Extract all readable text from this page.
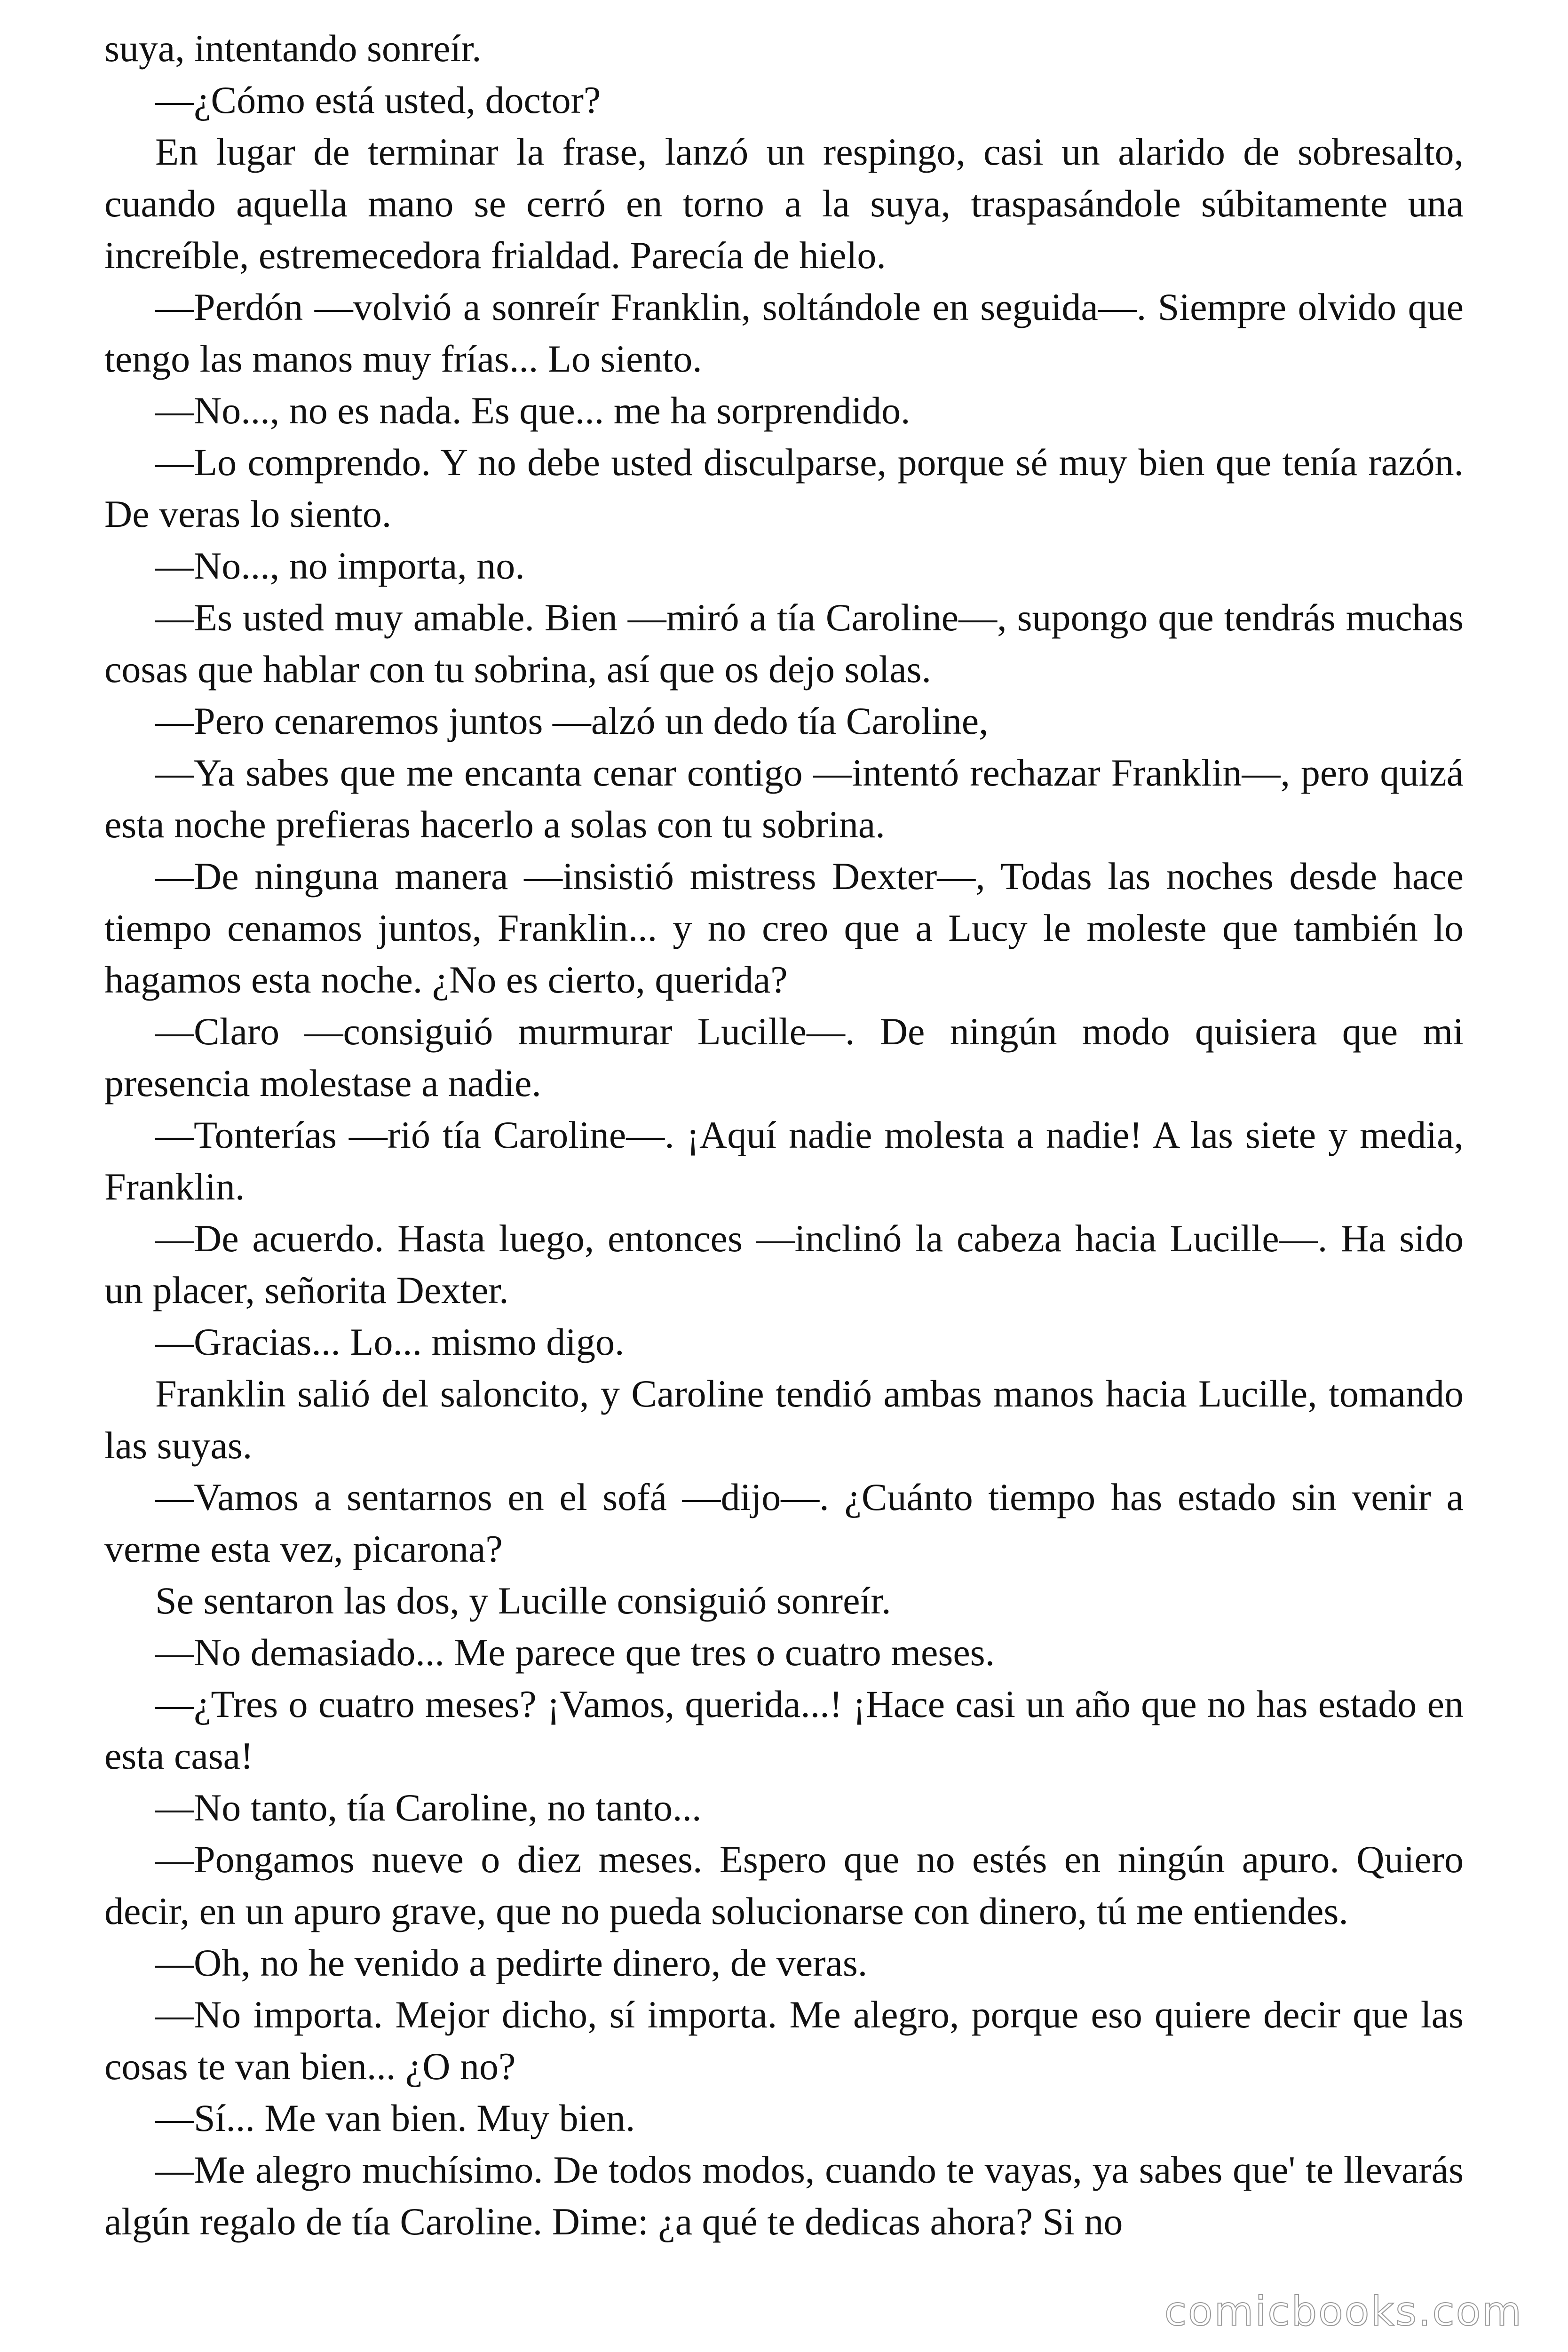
suya, intentando sonreír.

—¿Cómo está usted, doctor?

En lugar de terminar la frase, lanzó un respingo, casi un alarido de sobresalto, cuando aquella mano se cerró en torno a la suya, traspasándole súbitamente una increíble, estremecedora frialdad. Parecía de hielo.

—Perdón —volvió a sonreír Franklin, soltándole en seguida—. Siempre olvido que tengo las manos muy frías... Lo siento.

—No..., no es nada. Es que... me ha sorprendido.

—Lo comprendo. Y no debe usted disculparse, porque sé muy bien que tenía razón. De veras lo siento.

—No..., no importa, no.

—Es usted muy amable. Bien —miró a tía Caroline—, supongo que tendrás muchas cosas que hablar con tu sobrina, así que os dejo solas.

—Pero cenaremos juntos —alzó un dedo tía Caroline,

—Ya sabes que me encanta cenar contigo —intentó rechazar Franklin—, pero quizá esta noche prefieras hacerlo a solas con tu sobrina.

—De ninguna manera —insistió mistress Dexter—, Todas las noches desde hace tiempo cenamos juntos, Franklin... y no creo que a Lucy le moleste que también lo hagamos esta noche. ¿No es cierto, querida?

—Claro —consiguió murmurar Lucille—. De ningún modo quisiera que mi presencia molestase a nadie.

—Tonterías —rió tía Caroline—. ¡Aquí nadie molesta a nadie! A las siete y media, Franklin.

—De acuerdo. Hasta luego, entonces —inclinó la cabeza hacia Lucille—. Ha sido un placer, señorita Dexter.

—Gracias... Lo... mismo digo.

Franklin salió del saloncito, y Caroline tendió ambas manos hacia Lucille, tomando las suyas.

—Vamos a sentarnos en el sofá —dijo—. ¿Cuánto tiempo has estado sin venir a verme esta vez, picarona?

Se sentaron las dos, y Lucille consiguió sonreír.

—No demasiado... Me parece que tres o cuatro meses.

—¿Tres o cuatro meses? ¡Vamos, querida...! ¡Hace casi un año que no has estado en esta casa!

—No tanto, tía Caroline, no tanto...

—Pongamos nueve o diez meses. Espero que no estés en ningún apuro. Quiero decir, en un apuro grave, que no pueda solucionarse con dinero, tú me entiendes.

—Oh, no he venido a pedirte dinero, de veras.

—No importa. Mejor dicho, sí importa. Me alegro, porque eso quiere decir que las cosas te van bien... ¿O no?

—Sí... Me van bien. Muy bien.

—Me alegro muchísimo. De todos modos, cuando te vayas, ya sabes que' te llevarás algún regalo de tía Caroline. Dime: ¿a qué te dedicas ahora? Si no

comicbooks.com
